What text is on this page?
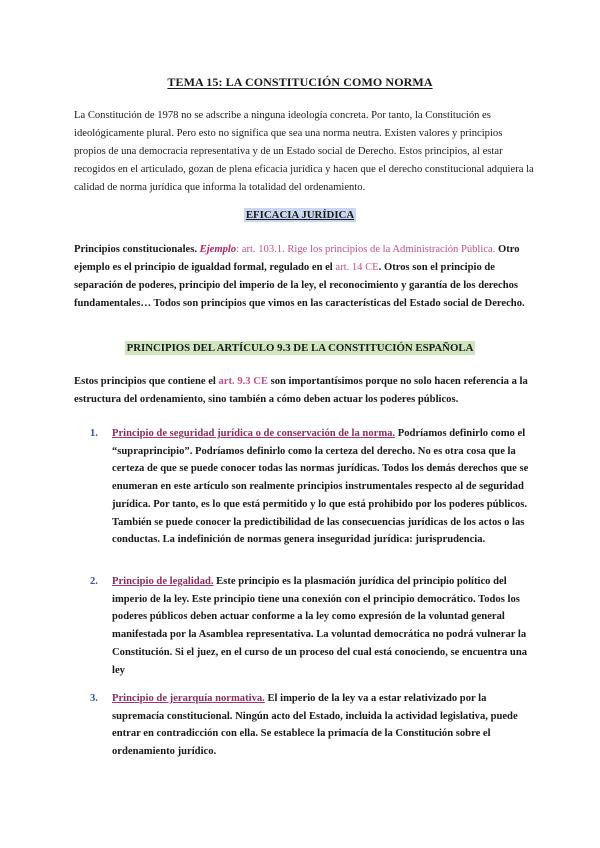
TEMA 15: LA CONSTITUCIÓN COMO NORMA

La Constitución de 1978 no se adscribe a ninguna ideología concreta. Por tanto, la Constitución es ideológicamente plural. Pero esto no significa que sea una norma neutra. Existen valores y principios propios de una democracia representativa y de un Estado social de Derecho. Estos principios, al estar recogidos en el articulado, gozan de plena eficacia jurídica y hacen que el derecho constitucional adquiera la calidad de norma jurídica que informa la totalidad del ordenamiento.

EFICACIA JURÍDICA

Principios constitucionales. Ejemplo: art. 103.1. Rige los principios de la Administración Pública. Otro ejemplo es el principio de igualdad formal, regulado en el art. 14 CE. Otros son el principio de separación de poderes, principio del imperio de la ley, el reconocimiento y garantía de los derechos fundamentales… Todos son principios que vimos en las características del Estado social de Derecho.

PRINCIPIOS DEL ARTÍCULO 9.3 DE LA CONSTITUCIÓN ESPAÑOLA

Estos principios que contiene el art. 9.3 CE son importantísimos porque no solo hacen referencia a la estructura del ordenamiento, sino también a cómo deben actuar los poderes públicos.

1.	Principio de seguridad jurídica o de conservación de la norma. Podríamos definirlo como el “supraprincipio”. Podríamos definirlo como la certeza del derecho. No es otra cosa que la certeza de que se puede conocer todas las normas jurídicas. Todos los demás derechos que se enumeran en este artículo son realmente principios instrumentales respecto al de seguridad jurídica. Por tanto, es lo que está permitido y lo que está prohibido por los poderes públicos. También se puede conocer la predictibilidad de las consecuencias jurídicas de los actos o las conductas. La indefinición de normas genera inseguridad jurídica: jurisprudencia.

2.	Principio de legalidad. Este principio es la plasmación jurídica del principio político del imperio de la ley. Este principio tiene una conexión con el principio democrático. Todos los poderes públicos deben actuar conforme a la ley como expresión de la voluntad general manifestada por la Asamblea representativa. La voluntad democrática no podrá vulnerar la Constitución. Si el juez, en el curso de un proceso del cual está conociendo, se encuentra una ley

3.	Principio de jerarquía normativa. El imperio de la ley va a estar relativizado por la supremacía constitucional. Ningún acto del Estado, incluida la actividad legislativa, puede entrar en contradicción con ella. Se establece la primacía de la Constitución sobre el ordenamiento jurídico.
